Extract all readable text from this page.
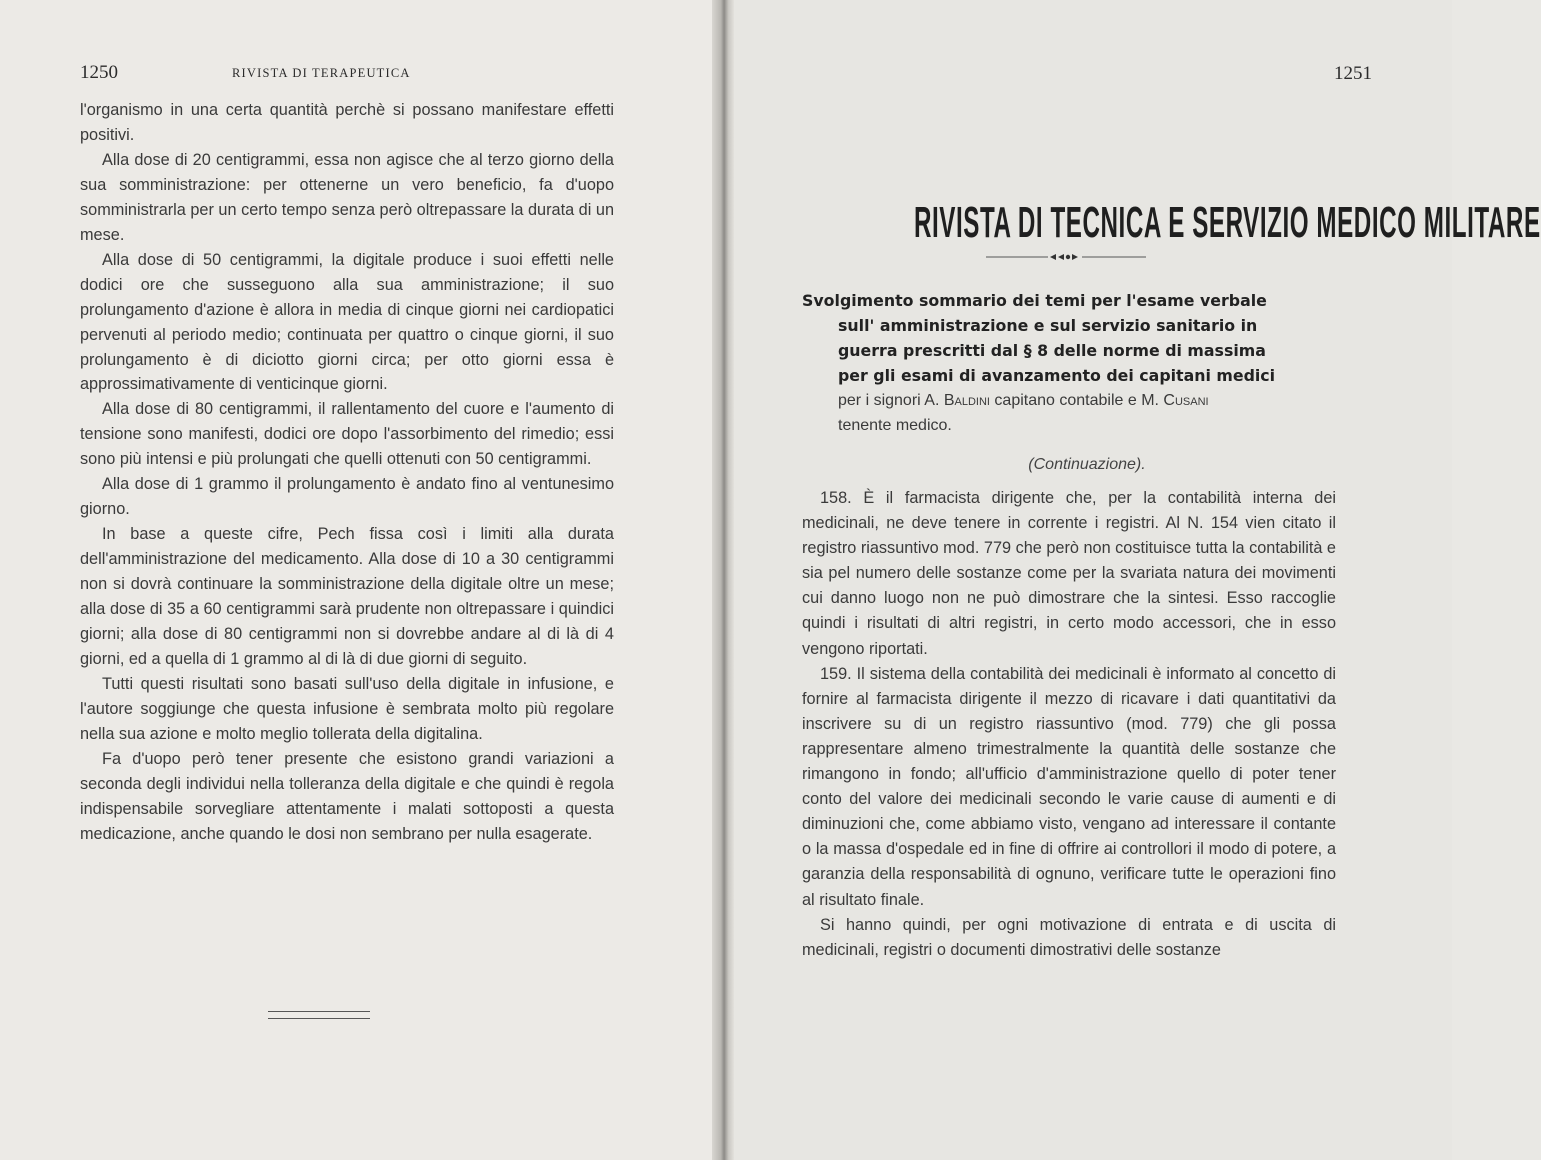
1250	RIVISTA DI TERAPEUTICA

l'organismo in una certa quantità perchè si possano manifestare effetti positivi.

Alla dose di 20 centigrammi, essa non agisce che al terzo giorno della sua somministrazione: per ottenerne un vero beneficio, fa d'uopo somministrarla per un certo tempo senza però oltrepassare la durata di un mese.

Alla dose di 50 centigrammi, la digitale produce i suoi effetti nelle dodici ore che susseguono alla sua amministrazione; il suo prolungamento d'azione è allora in media di cinque giorni nei cardiopatici pervenuti al periodo medio; continuata per quattro o cinque giorni, il suo prolungamento è di diciotto giorni circa; per otto giorni essa è approssimativamente di venticinque giorni.

Alla dose di 80 centigrammi, il rallentamento del cuore e l'aumento di tensione sono manifesti, dodici ore dopo l'assorbimento del rimedio; essi sono più intensi e più prolungati che quelli ottenuti con 50 centigrammi.

Alla dose di 1 grammo il prolungamento è andato fino al ventunesimo giorno.

In base a queste cifre, Pech fissa così i limiti alla durata dell'amministrazione del medicamento. Alla dose di 10 a 30 centigrammi non si dovrà continuare la somministrazione della digitale oltre un mese; alla dose di 35 a 60 centigrammi sarà prudente non oltrepassare i quindici giorni; alla dose di 80 centigrammi non si dovrebbe andare al di là di 4 giorni, ed a quella di 1 grammo al di là di due giorni di seguito.

Tutti questi risultati sono basati sull'uso della digitale in infusione, e l'autore soggiunge che questa infusione è sembrata molto più regolare nella sua azione e molto meglio tollerata della digitalina.

Fa d'uopo però tener presente che esistono grandi variazioni a seconda degli individui nella tolleranza della digitale e che quindi è regola indispensabile sorvegliare attentamente i malati sottoposti a questa medicazione, anche quando le dosi non sembrano per nulla esagerate.

1251
RIVISTA DI TECNICA E SERVIZIO MEDICO MILITARE

Svolgimento sommario dei temi per l'esame verbale

sull' amministrazione e sul servizio sanitario in

guerra prescritti dal § 8 delle norme di massima

per gli esami di avanzamento dei capitani medici

per i signori A. Baldini capitano contabile e M. Cusani
tenente medico.
(Continuazione).

158. È il farmacista dirigente che, per la contabilità interna dei medicinali, ne deve tenere in corrente i registri. Al N. 154 vien citato il registro riassuntivo mod. 779 che però non costituisce tutta la contabilità e sia pel numero delle sostanze come per la svariata natura dei movimenti cui danno luogo non ne può dimostrare che la sintesi. Esso raccoglie quindi i risultati di altri registri, in certo modo accessori, che in esso vengono riportati.

159. Il sistema della contabilità dei medicinali è informato al concetto di fornire al farmacista dirigente il mezzo di ricavare i dati quantitativi da inscrivere su di un registro riassuntivo (mod. 779) che gli possa rappresentare almeno trimestralmente la quantità delle sostanze che rimangono in fondo; all'ufficio d'amministrazione quello di poter tener conto del valore dei medicinali secondo le varie cause di aumenti e di diminuzioni che, come abbiamo visto, vengano ad interessare il contante o la massa d'ospedale ed in fine di offrire ai controllori il modo di potere, a garanzia della responsabilità di ognuno, verificare tutte le operazioni fino al risultato finale.

Si hanno quindi, per ogni motivazione di entrata e di uscita di medicinali, registri o documenti dimostrativi delle sostanze
